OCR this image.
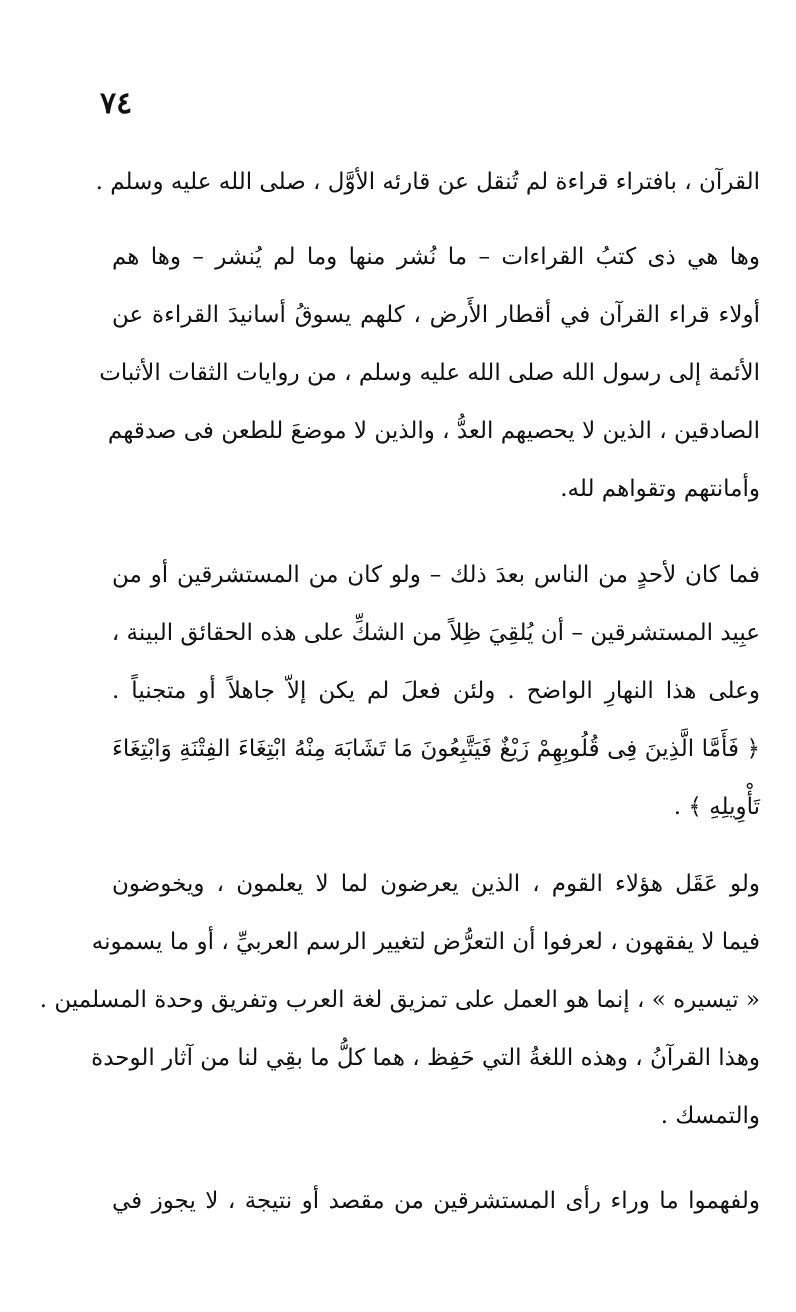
٧٤
القرآن ، بافتراء قراءة لم تُنقل عن قارئه الأوَّل ، صلى الله عليه وسلم .
وها هي ذى كتبُ القراءات – ما نُشر منها وما لم يُنشر – وها هم
أولاء قراء القرآن في أقطار الأَرض ، كلهم يسوقُ أسانيدَ القراءة عن
الأئمة إلى رسول الله صلى الله عليه وسلم ، من روايات الثقات الأثبات
الصادقين ، الذين لا يحصيهم العدُّ ، والذين لا موضعَ للطعن فى صدقهم
وأمانتهم وتقواهم لله.
فما كان لأحدٍ من الناس بعدَ ذلك – ولو كان من المستشرقين أو من
عبِيد المستشرقين – أن يُلقِيَ ظِلاً من الشكِّ على هذه الحقائق البينة ،
وعلى هذا النهارِ الواضح . ولئن فعلَ لم يكن إلاّ جاهلاً أو متجنياً .
﴿ فَأَمَّا الَّذِينَ فِى قُلُوبِهِمْ زَيْغٌ فَيَتَّبِعُونَ مَا تَشَابَهَ مِنْهُ ابْتِغَاءَ الفِتْنَةِ وَابْتِغَاءَ
تَأْوِيلِهِ ﴾ .
ولو عَقَل هؤلاء القوم ، الذين يعرضون لما لا يعلمون ، ويخوضون
فيما لا يفقهون ، لعرفوا أن التعرُّض لتغيير الرسم العربيِّ ، أو ما يسمونه
« تيسيره » ، إنما هو العمل على تمزيق لغة العرب وتفريق وحدة المسلمين .
وهذا القرآنُ ، وهذه اللغةُ التي حَفِظ ، هما كلُّ ما بقِي لنا من آثار الوحدة
والتمسك .
ولفهموا ما وراء رأى المستشرقين من مقصد أو نتيجة ، لا يجوز في
